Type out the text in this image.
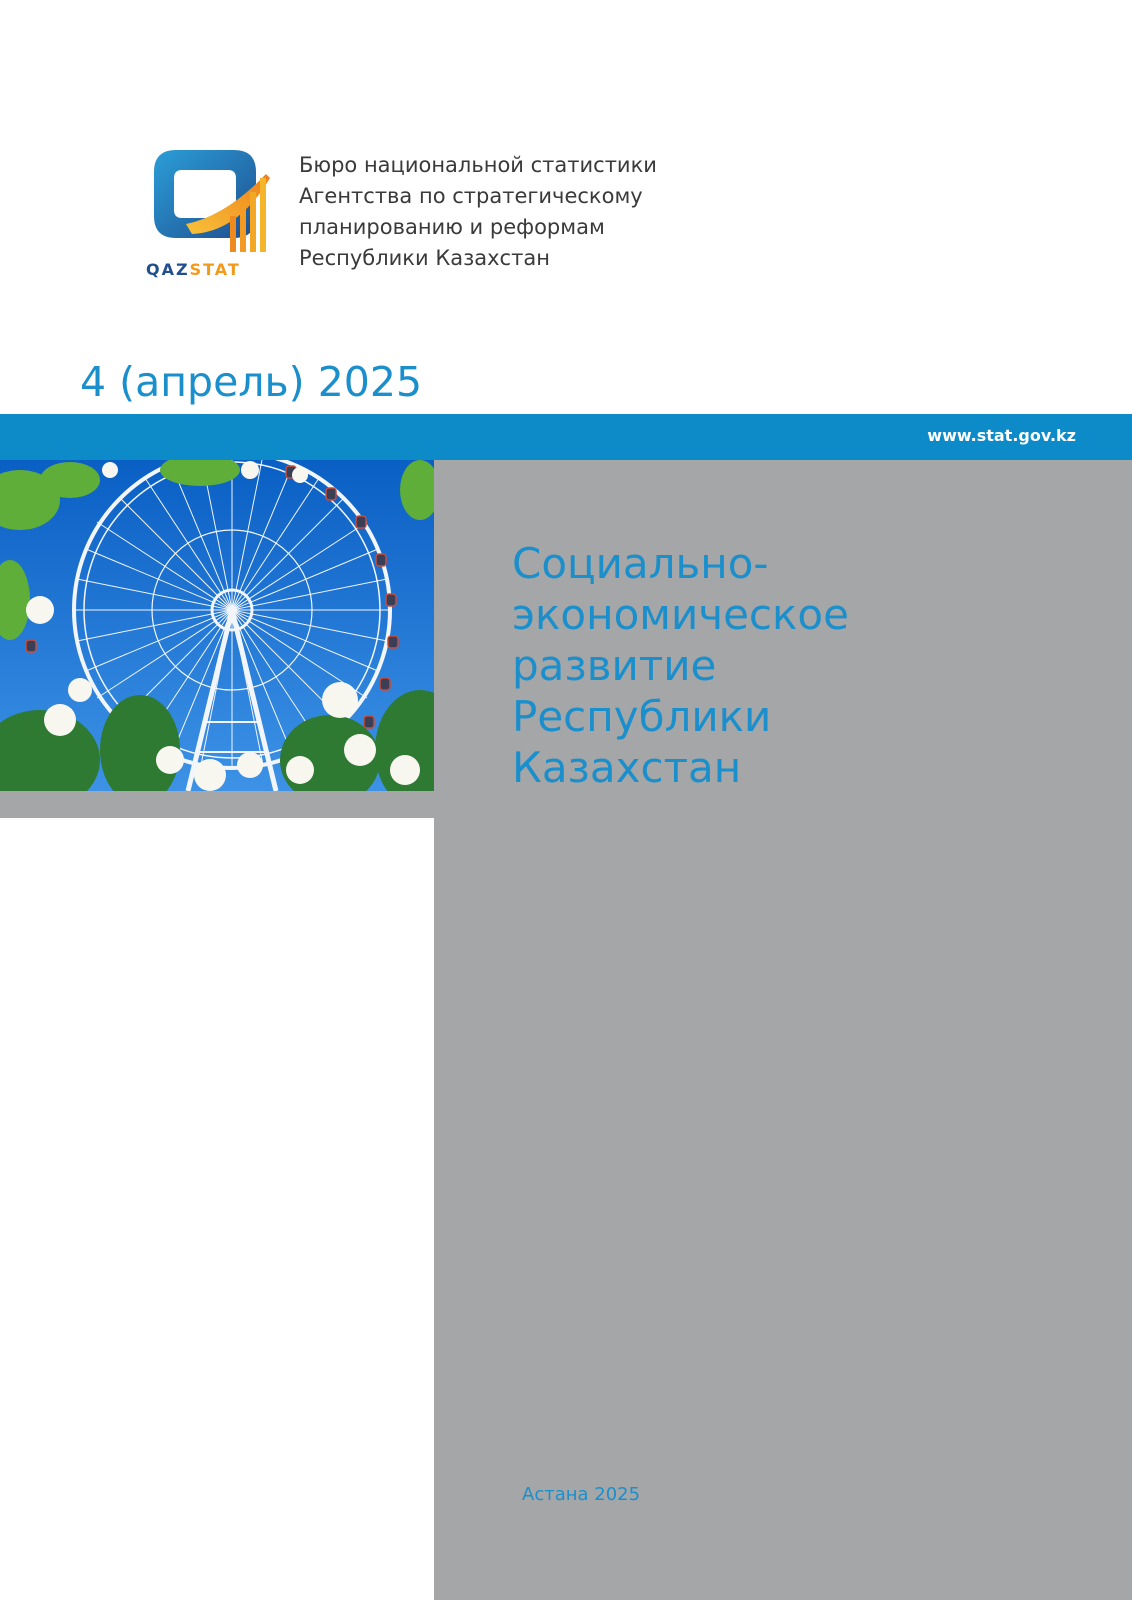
QAZSTAT
Бюро национальной статистики
Агентства по стратегическому
планированию и реформам
Республики Казахстан
4 (апрель) 2025
www.stat.gov.kz
Социально-
экономическое
развитие
Республики
Казахстан
Астана 2025
